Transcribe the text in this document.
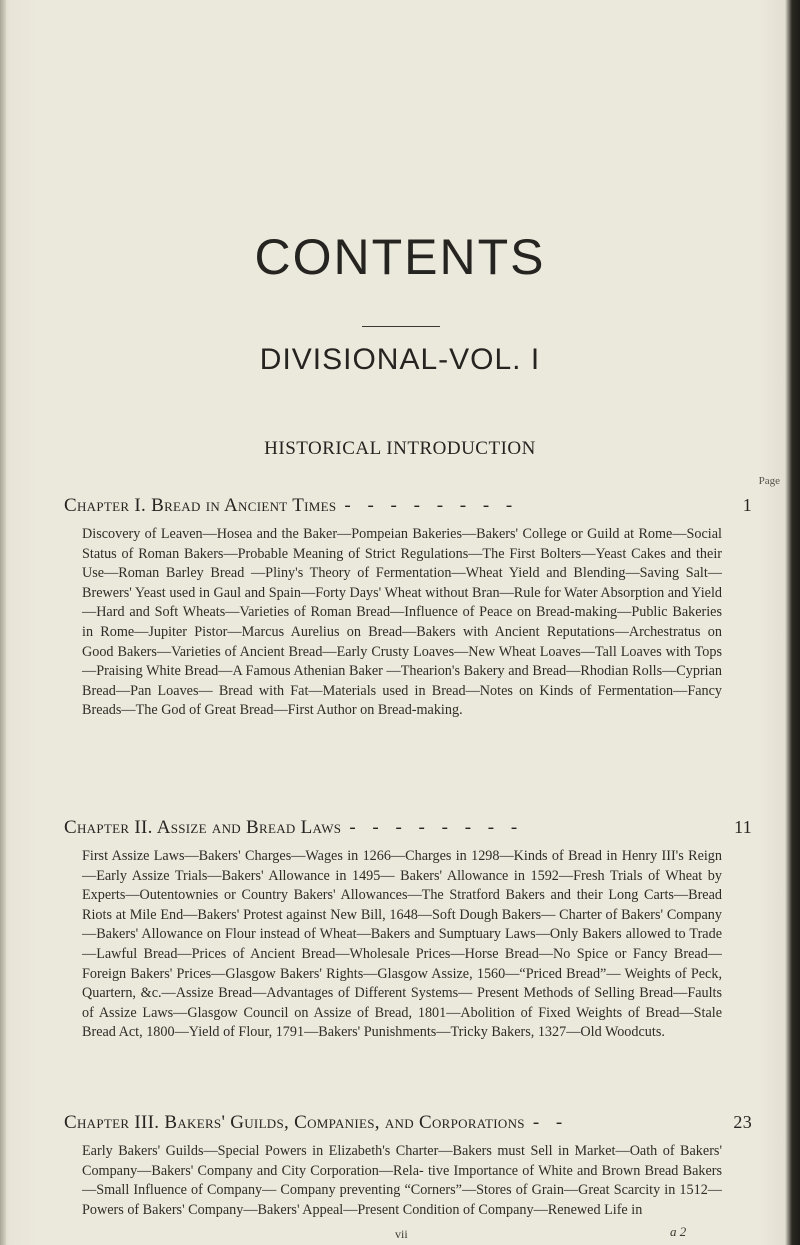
CONTENTS
DIVISIONAL-VOL. I
HISTORICAL INTRODUCTION
Page
Chapter I. Bread in Ancient Times - - - - - - - -	1
Discovery of Leaven—Hosea and the Baker—Pompeian Bakeries—Bakers' College or Guild at Rome—Social Status of Roman Bakers—Probable Meaning of Strict Regulations—The First Bolters—Yeast Cakes and their Use—Roman Barley Bread —Pliny's Theory of Fermentation—Wheat Yield and Blending—Saving Salt— Brewers' Yeast used in Gaul and Spain—Forty Days' Wheat without Bran—Rule for Water Absorption and Yield—Hard and Soft Wheats—Varieties of Roman Bread—Influence of Peace on Bread-making—Public Bakeries in Rome—Jupiter Pistor—Marcus Aurelius on Bread—Bakers with Ancient Reputations—Archestratus on Good Bakers—Varieties of Ancient Bread—Early Crusty Loaves—New Wheat Loaves—Tall Loaves with Tops—Praising White Bread—A Famous Athenian Baker —Thearion's Bakery and Bread—Rhodian Rolls—Cyprian Bread—Pan Loaves— Bread with Fat—Materials used in Bread—Notes on Kinds of Fermentation—Fancy Breads—The God of Great Bread—First Author on Bread-making.
Chapter II. Assize and Bread Laws - - - - - - - -	11
First Assize Laws—Bakers' Charges—Wages in 1266—Charges in 1298—Kinds of Bread in Henry III's Reign—Early Assize Trials—Bakers' Allowance in 1495— Bakers' Allowance in 1592—Fresh Trials of Wheat by Experts—Outentownies or Country Bakers' Allowances—The Stratford Bakers and their Long Carts—Bread Riots at Mile End—Bakers' Protest against New Bill, 1648—Soft Dough Bakers— Charter of Bakers' Company—Bakers' Allowance on Flour instead of Wheat—Bakers and Sumptuary Laws—Only Bakers allowed to Trade—Lawful Bread—Prices of Ancient Bread—Wholesale Prices—Horse Bread—No Spice or Fancy Bread—Foreign Bakers' Prices—Glasgow Bakers' Rights—Glasgow Assize, 1560—“Priced Bread”— Weights of Peck, Quartern, &c.—Assize Bread—Advantages of Different Systems— Present Methods of Selling Bread—Faults of Assize Laws—Glasgow Council on Assize of Bread, 1801—Abolition of Fixed Weights of Bread—Stale Bread Act, 1800—Yield of Flour, 1791—Bakers' Punishments—Tricky Bakers, 1327—Old Woodcuts.
Chapter III. Bakers' Guilds, Companies, and Corporations - -	23
Early Bakers' Guilds—Special Powers in Elizabeth's Charter—Bakers must Sell in Market—Oath of Bakers' Company—Bakers' Company and City Corporation—Rela- tive Importance of White and Brown Bread Bakers—Small Influence of Company— Company preventing “Corners”—Stores of Grain—Great Scarcity in 1512—Powers of Bakers' Company—Bakers' Appeal—Present Condition of Company—Renewed Life in
vii	a 2
